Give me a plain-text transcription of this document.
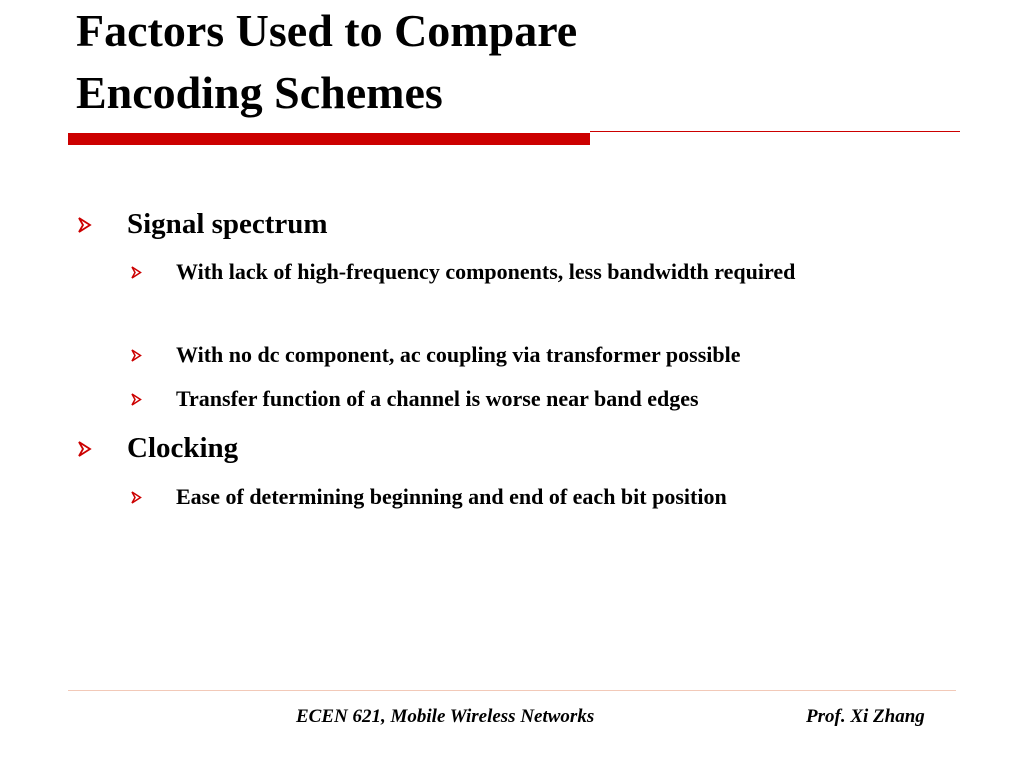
Factors Used to Compare
Encoding Schemes
Signal spectrum
With lack of high-frequency components, less bandwidth required
With no dc component, ac coupling via transformer possible
Transfer function of a channel is worse near band edges
Clocking
Ease of determining beginning and end of each bit position
ECEN 621, Mobile Wireless Networks	Prof. Xi Zhang
